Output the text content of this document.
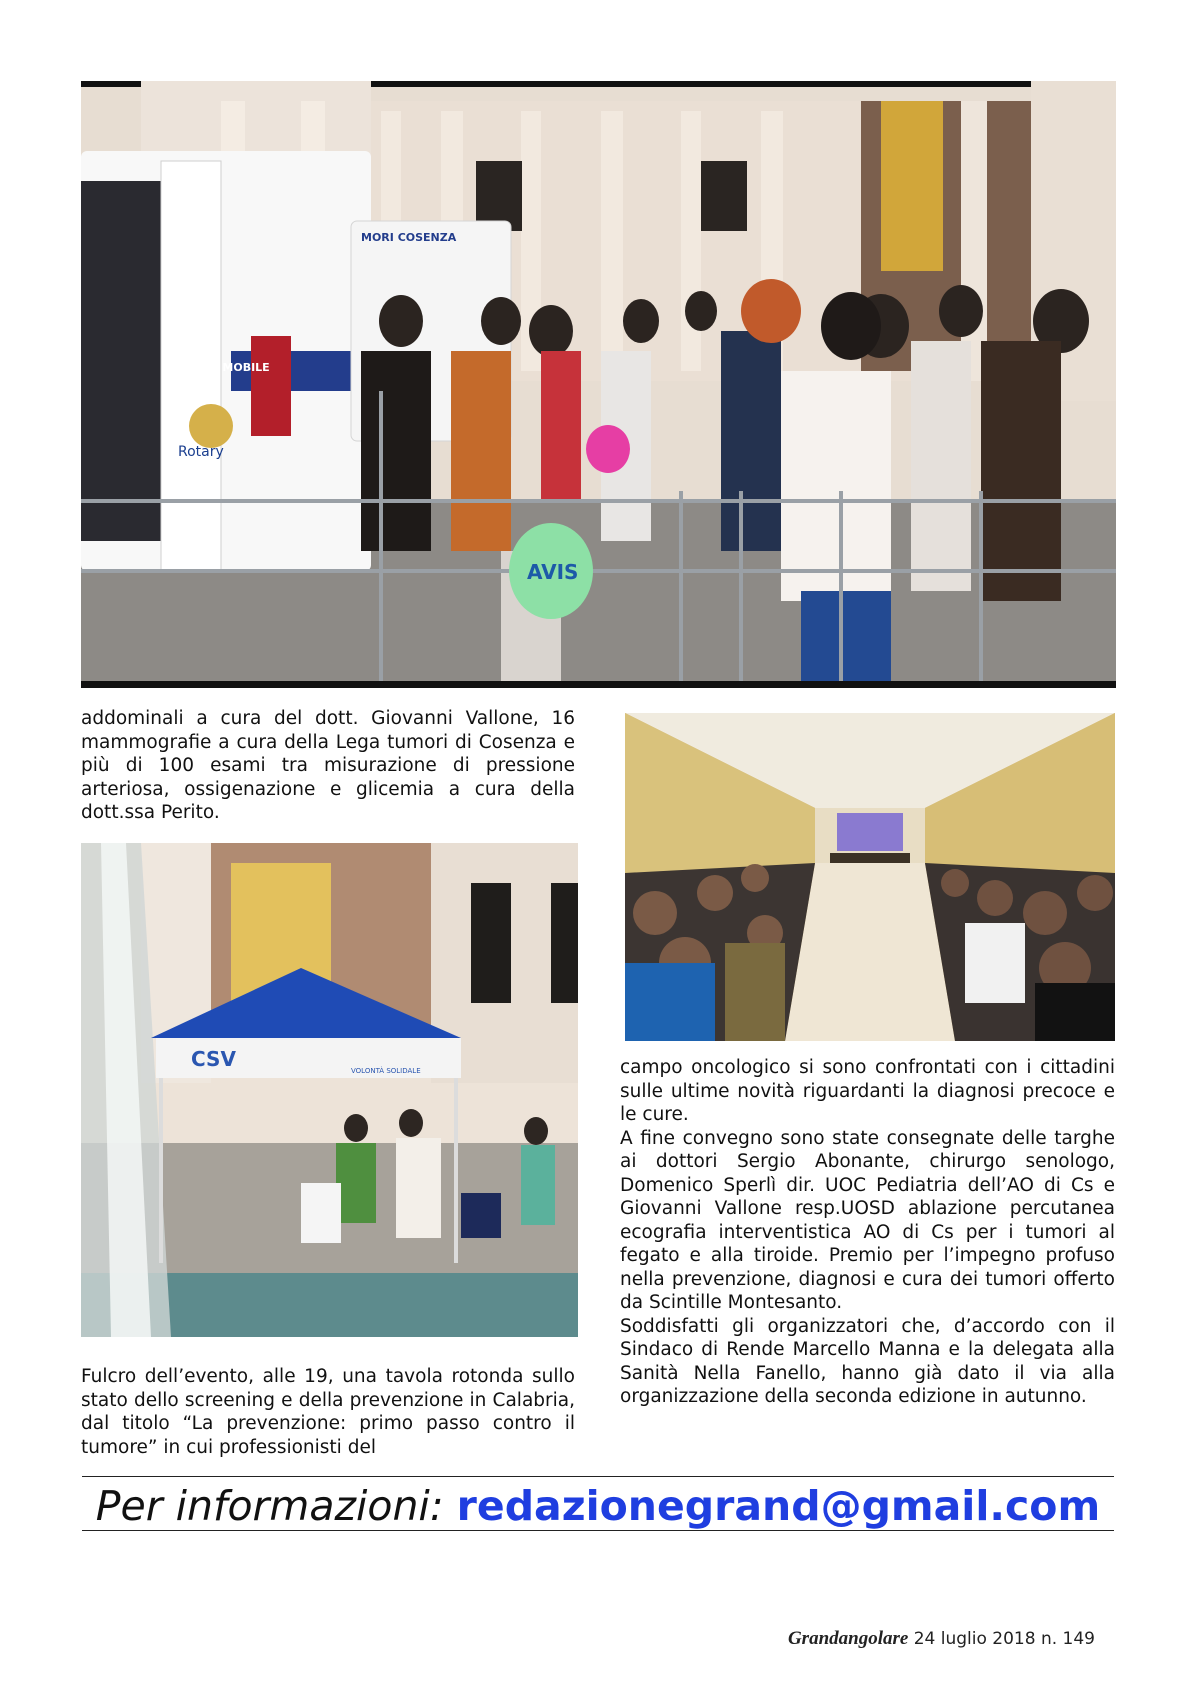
Rotary
NOSI MOBILE
MORI COSENZA
AVIS

addominali a cura del dott. Giovanni Vallone, 16 mammografie a cura della Lega tumori di Cosenza e più di 100 esami tra misurazione di pressione arteriosa, ossigenazione e glicemia a cura della dott.ssa Perito.

CSV	VOLONTÀ SOLIDALE

Fulcro dell’evento, alle 19, una tavola rotonda sullo stato dello screening e della prevenzione in Calabria, dal titolo “La prevenzione: primo passo contro il tumore” in cui professionisti del

campo oncologico si sono confrontati con i cittadini sulle ultime novità riguardanti la diagnosi precoce e le cure.

A fine convegno sono state consegnate delle targhe ai dottori Sergio Abonante, chirurgo senologo, Domenico Sperlì dir. UOC Pediatria dell’AO di Cs e Giovanni Vallone resp.UOSD ablazione percutanea ecografia interventistica AO di Cs per i tumori al fegato e alla tiroide. Premio per l’impegno profuso nella prevenzione, diagnosi e cura dei tumori offerto da Scintille Montesanto.

Soddisfatti gli organizzatori che, d’accordo con il Sindaco di Rende Marcello Manna e la delegata alla Sanità Nella Fanello, hanno già dato il via alla organizzazione della seconda edizione in autunno.

Per informazioni: redazionegrand@gmail.com
Grandangolare 24 luglio 2018 n. 149
